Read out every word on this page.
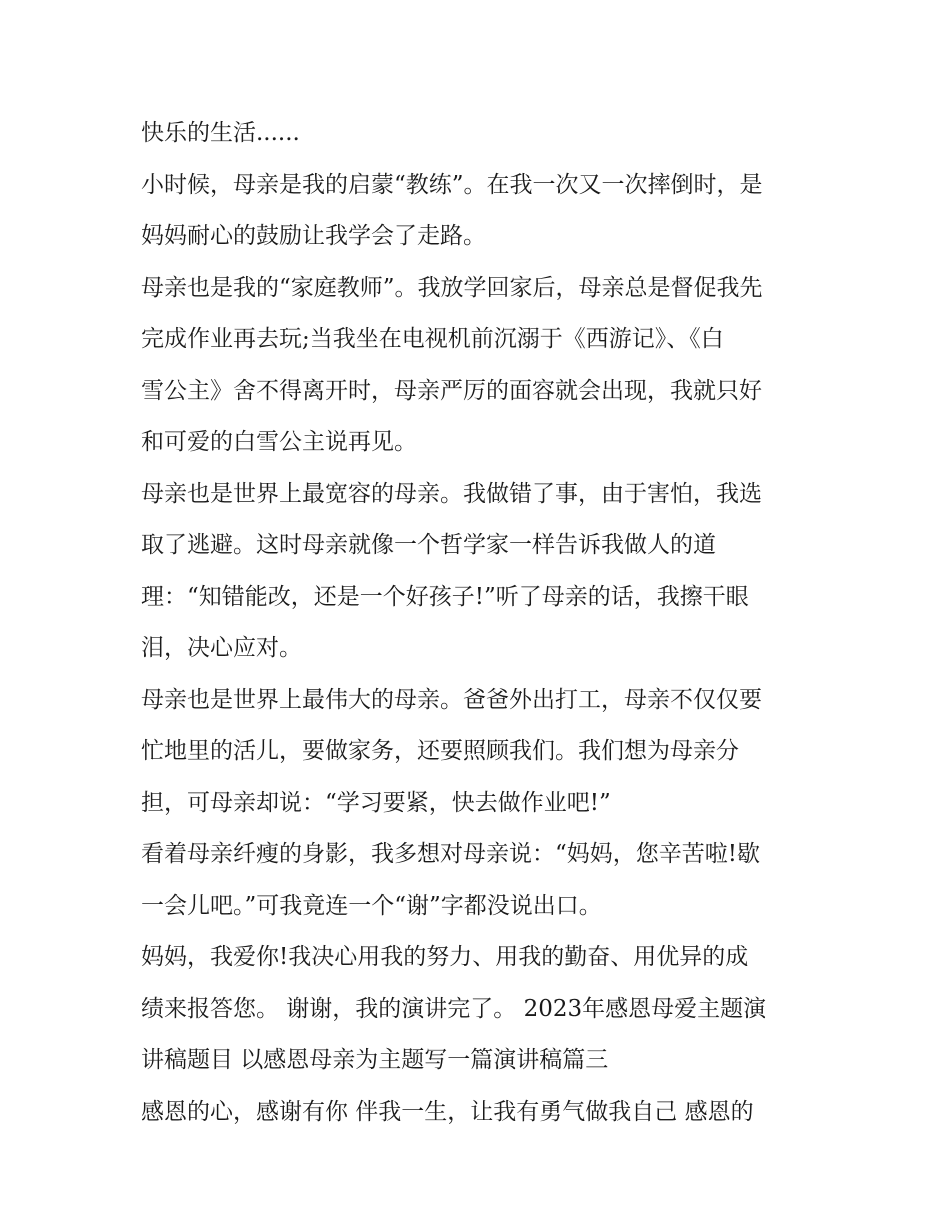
快乐的生活......
小时候，母亲是我的启蒙“教练”。在我一次又一次摔倒时，是
妈妈耐心的鼓励让我学会了走路。
母亲也是我的“家庭教师”。我放学回家后，母亲总是督促我先
完成作业再去玩;当我坐在电视机前沉溺于《西游记》、《白
雪公主》舍不得离开时，母亲严厉的面容就会出现，我就只好
和可爱的白雪公主说再见。
母亲也是世界上最宽容的母亲。我做错了事，由于害怕，我选
取了逃避。这时母亲就像一个哲学家一样告诉我做人的道
理：“知错能改，还是一个好孩子!”听了母亲的话，我擦干眼
泪，决心应对。
母亲也是世界上最伟大的母亲。爸爸外出打工，母亲不仅仅要
忙地里的活儿，要做家务，还要照顾我们。我们想为母亲分
担，可母亲却说：“学习要紧，快去做作业吧!”
看着母亲纤瘦的身影，我多想对母亲说：“妈妈，您辛苦啦!歇
一会儿吧。”可我竟连一个“谢”字都没说出口。
妈妈，我爱你!我决心用我的努力、用我的勤奋、用优异的成
绩来报答您。 谢谢，我的演讲完了。 2023年感恩母爱主题演
讲稿题目 以感恩母亲为主题写一篇演讲稿篇三
感恩的心，感谢有你 伴我一生，让我有勇气做我自己 感恩的
